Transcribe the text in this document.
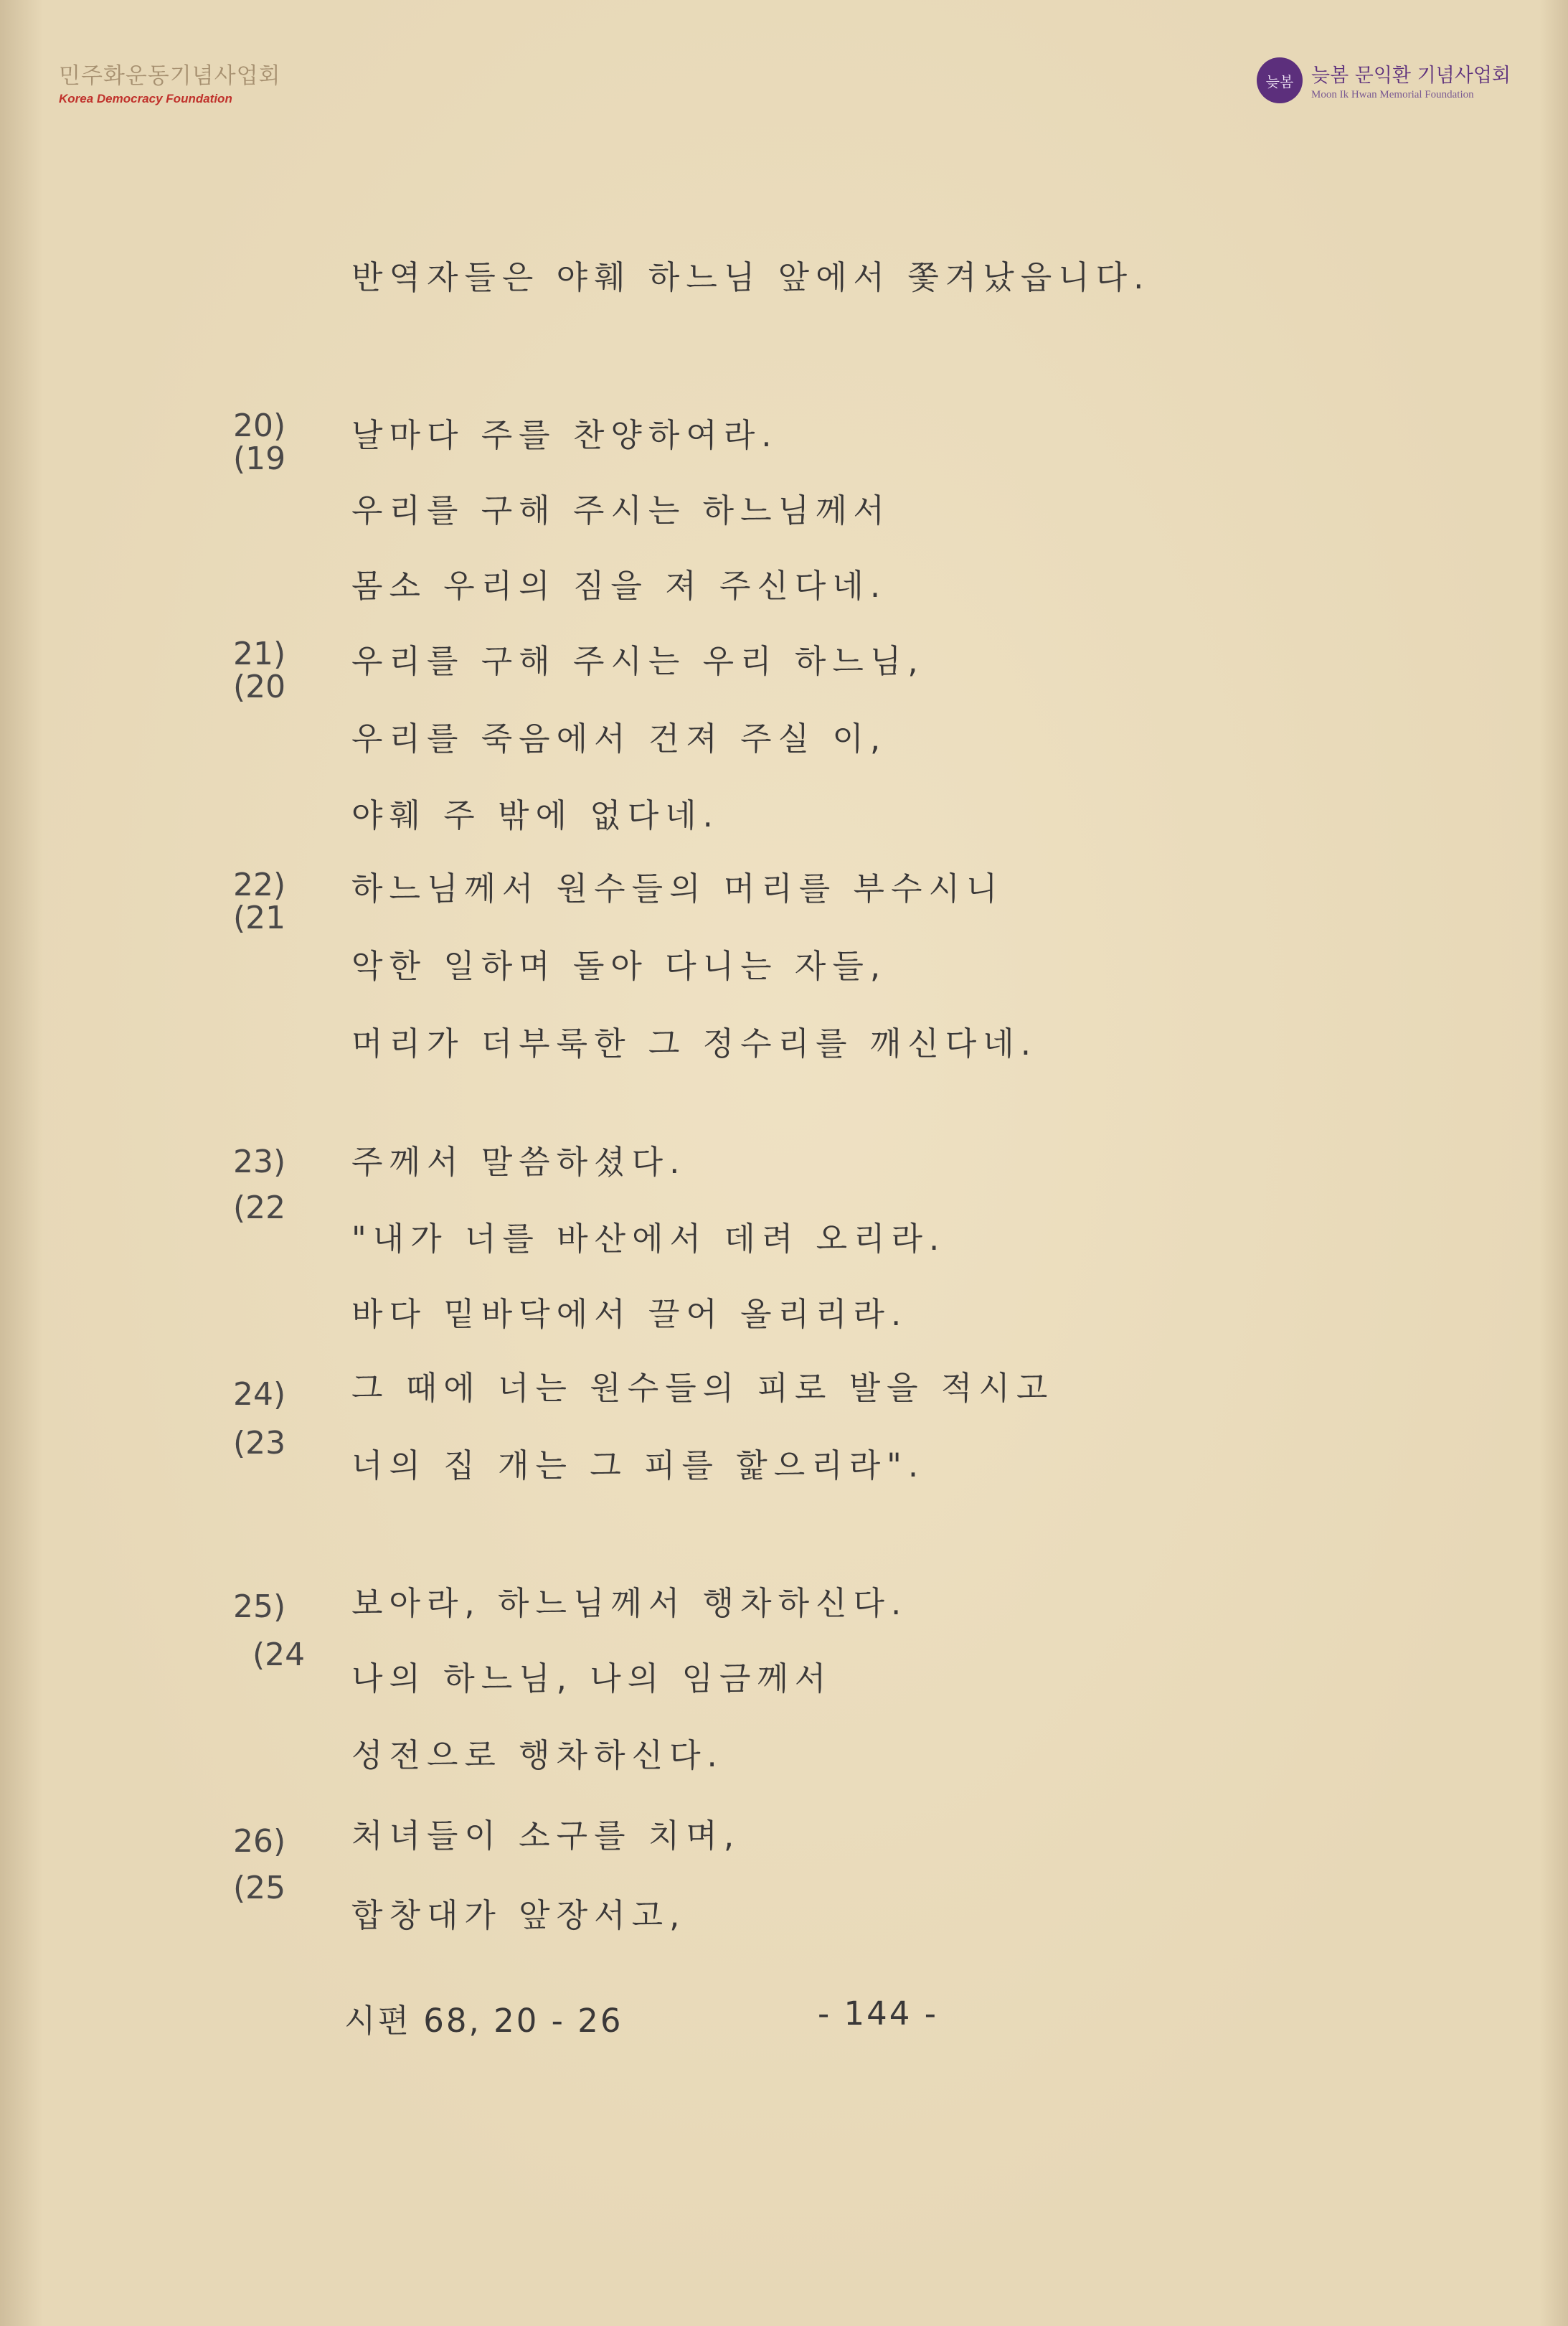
민주화운동기념사업회
Korea Democracy Foundation
늦봄 늦봄 문익환 기념사업회
Moon Ik Hwan Memorial Foundation
반역자들은 야훼 하느님 앞에서 쫓겨났읍니다.
날마다 주를 찬양하여라.
우리를 구해 주시는 하느님께서
몸소 우리의 짐을 져 주신다네.
우리를 구해 주시는 우리 하느님,
우리를 죽음에서 건져 주실 이,
야훼 주 밖에 없다네.
하느님께서 원수들의 머리를 부수시니
악한 일하며 돌아 다니는 자들,
머리가 더부룩한 그 정수리를 깨신다네.
주께서 말씀하셨다.
"내가 너를 바산에서 데려 오리라.
바다 밑바닥에서 끌어 올리리라.
그 때에 너는 원수들의 피로 발을 적시고
너의 집 개는 그 피를 핥으리라".
보아라, 하느님께서 행차하신다.
나의 하느님, 나의 임금께서
성전으로 행차하신다.
처녀들이 소구를 치며,
합창대가 앞장서고,
20)
(19
21)
(20
22)
(21
23)
(22
24)
(23
25)
(24
26)
(25
시편 68, 20 - 26	- 144 -
